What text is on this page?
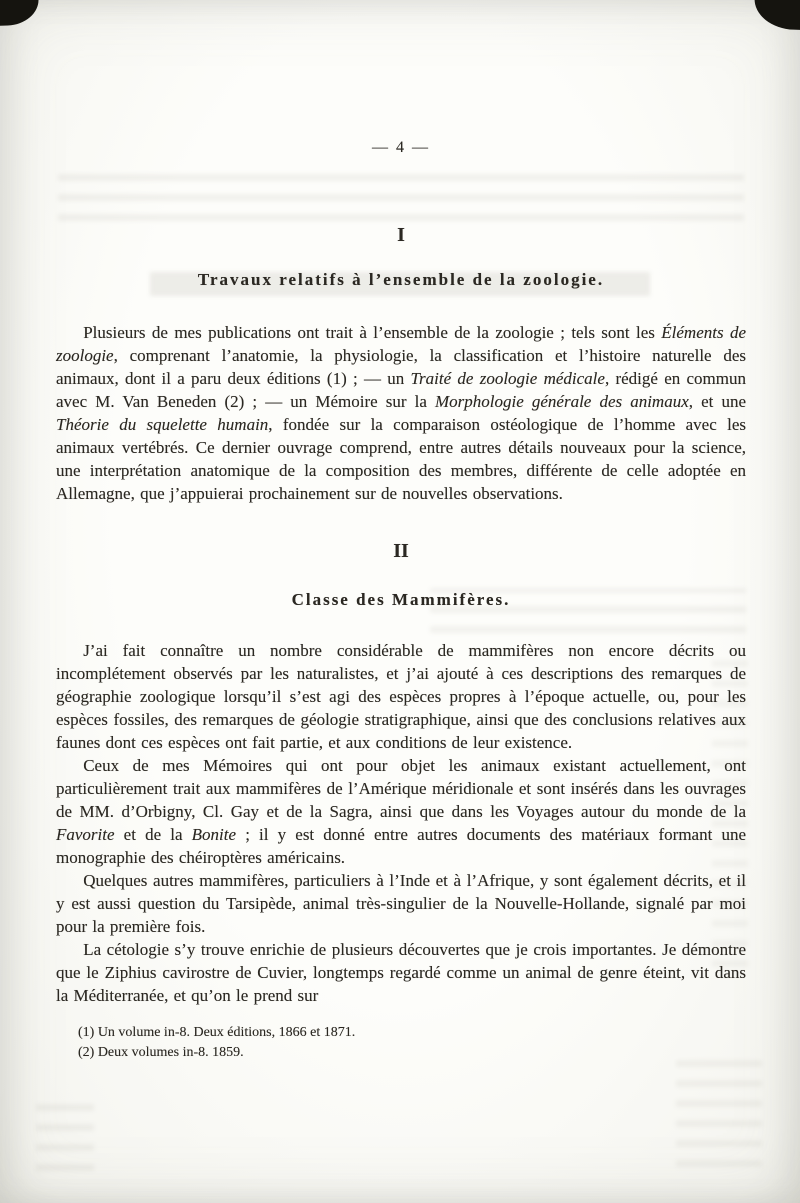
— 4 —
I
Travaux relatifs à l’ensemble de la zoologie.

Plusieurs de mes publications ont trait à l’ensemble de la zoologie ; tels sont les Éléments de zoologie, comprenant l’anatomie, la physiologie, la classification et l’histoire naturelle des animaux, dont il a paru deux éditions (1) ; — un Traité de zoologie médicale, rédigé en commun avec M. Van Beneden (2) ; — un Mémoire sur la Morphologie générale des animaux, et une Théorie du squelette humain, fondée sur la comparaison ostéologique de l’homme avec les animaux vertébrés. Ce dernier ouvrage comprend, entre autres détails nouveaux pour la science, une interprétation anatomique de la composition des membres, différente de celle adoptée en Allemagne, que j’appuierai prochainement sur de nouvelles observations.

II
Classe des Mammifères.

J’ai fait connaître un nombre considérable de mammifères non encore décrits ou incomplétement observés par les naturalistes, et j’ai ajouté à ces descriptions des remarques de géographie zoologique lorsqu’il s’est agi des espèces propres à l’époque actuelle, ou, pour les espèces fossiles, des remarques de géologie stratigraphique, ainsi que des conclusions relatives aux faunes dont ces espèces ont fait partie, et aux conditions de leur existence.

Ceux de mes Mémoires qui ont pour objet les animaux existant actuellement, ont particulièrement trait aux mammifères de l’Amérique méridionale et sont insérés dans les ouvrages de MM. d’Orbigny, Cl. Gay et de la Sagra, ainsi que dans les Voyages autour du monde de la Favorite et de la Bonite ; il y est donné entre autres documents des matériaux formant une monographie des chéiroptères américains.

Quelques autres mammifères, particuliers à l’Inde et à l’Afrique, y sont également décrits, et il y est aussi question du Tarsipède, animal très-singulier de la Nouvelle-Hollande, signalé par moi pour la première fois.

La cétologie s’y trouve enrichie de plusieurs découvertes que je crois importantes. Je démontre que le Ziphius cavirostre de Cuvier, longtemps regardé comme un animal de genre éteint, vit dans la Méditerranée, et qu’on le prend sur

(1) Un volume in-8. Deux éditions, 1866 et 1871.

(2) Deux volumes in-8. 1859.
